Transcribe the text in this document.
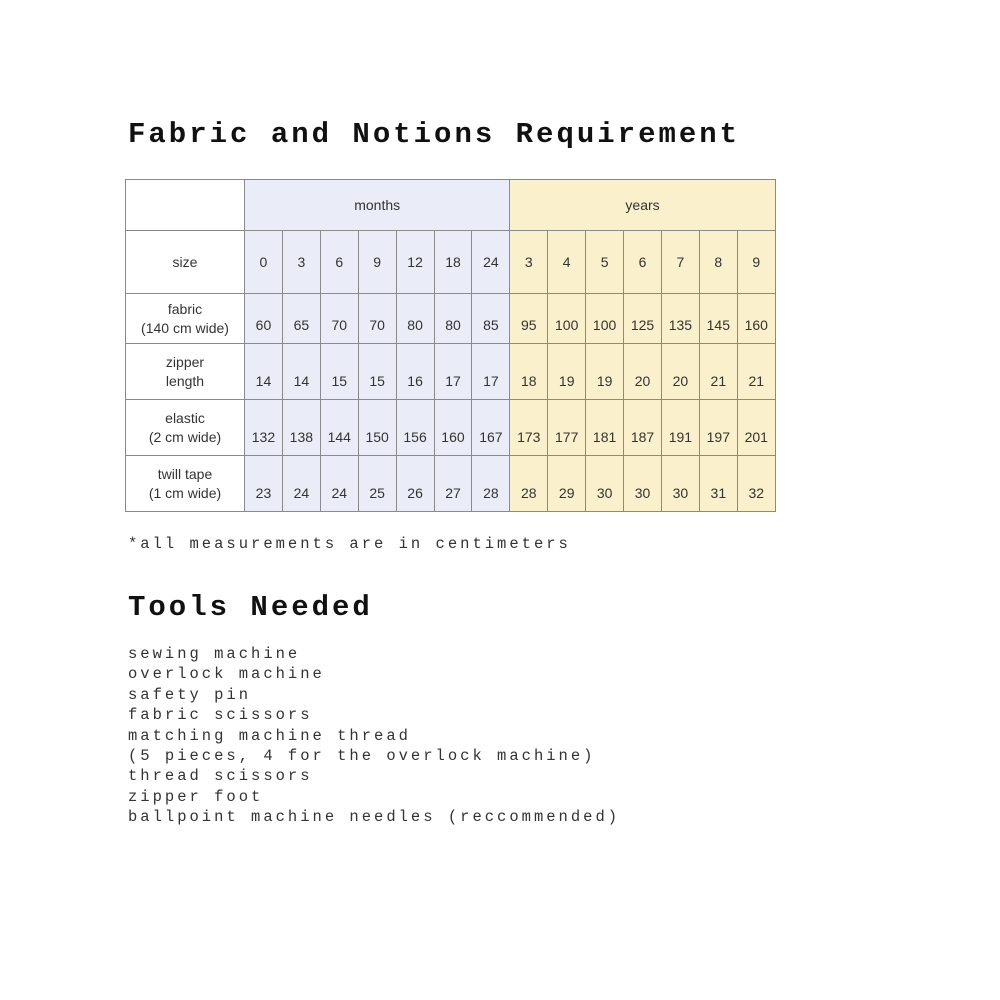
Fabric and Notions Requirement
	months							years						
size	0	3	6	9	12	18	24	3	4	5	6	7	8	9

fabric
(140 cm wide)	60	65	70	70	80	80	85	95	100	100	125	135	145	160

zipper
length	14	14	15	15	16	17	17	18	19	19	20	20	21	21

elastic
(2 cm wide)	132	138	144	150	156	160	167	173	177	181	187	191	197	201

twill tape
(1 cm wide)	23	24	24	25	26	27	28	28	29	30	30	30	31	32

*all measurements are in centimeters

Tools Needed
sewing machine
overlock machine
safety pin
fabric scissors
matching machine thread
(5 pieces, 4 for the overlock machine)
thread scissors
zipper foot
ballpoint machine needles (reccommended)
